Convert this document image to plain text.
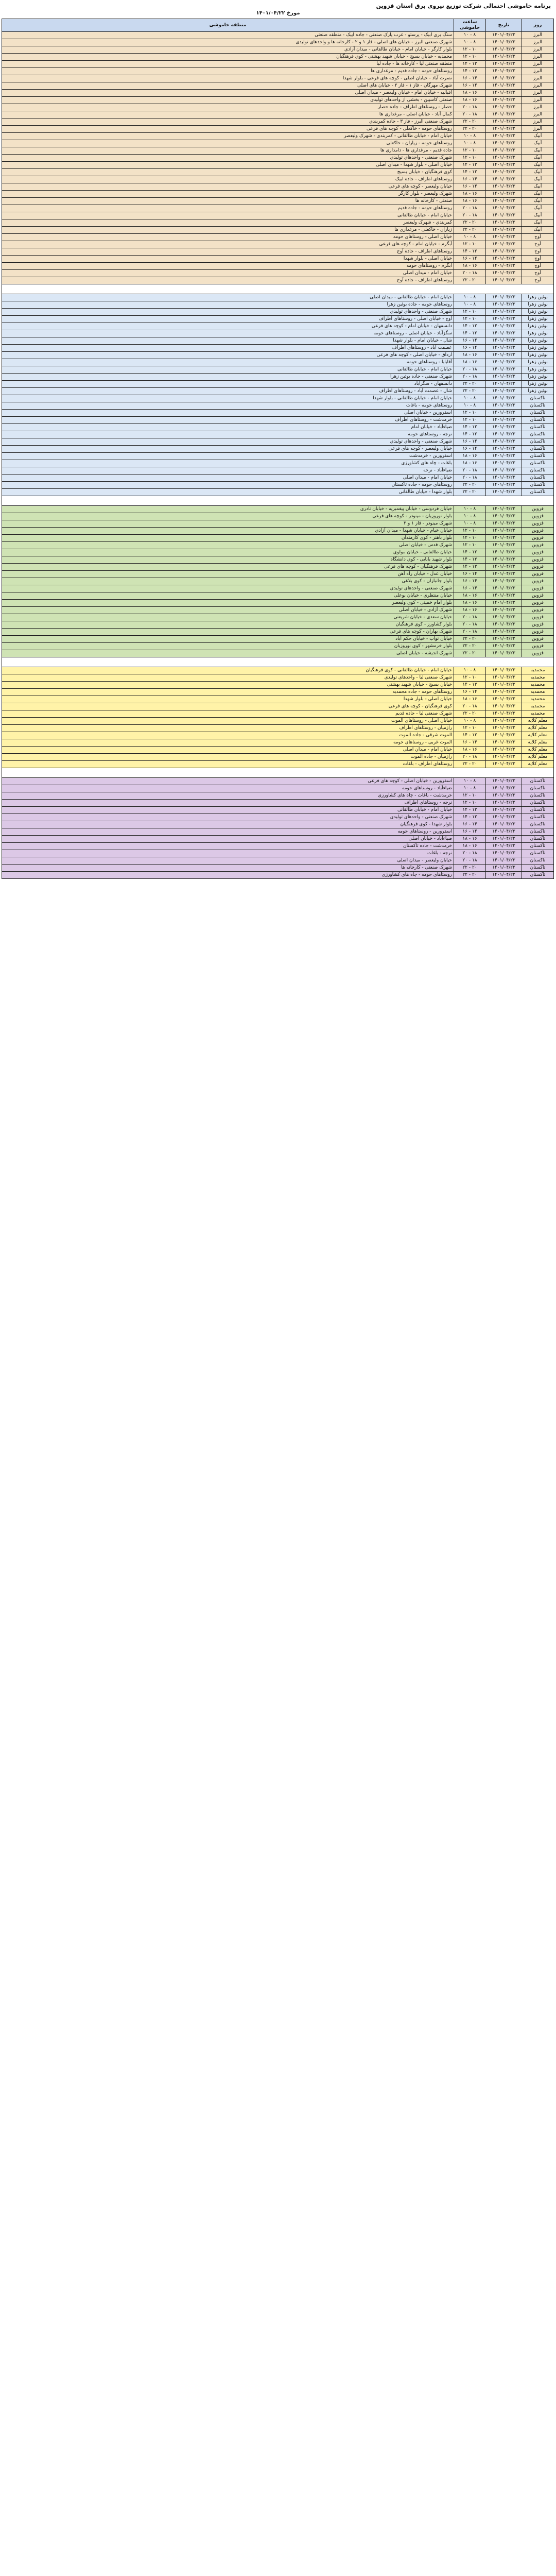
برنامه خاموشی احتمالی شرکت توزیع نیروی برق استان قزوین
مورخ ۱۴۰۱/۰۴/۲۲
روز	تاریخ	ساعت خاموشی	منطقه خاموشی
البرز	۱۴۰۱/۰۴/۲۲	۸ - ۱۰	سنگ بری ابیک - پرستو - غرب پارک صنعتی - جاده ابیک - منطقه صنعتی
البرز	۱۴۰۱/۰۴/۲۲	۸ - ۱۰	شهرک صنعتی البرز - خیابان های اصلی - فاز ۱ و ۲ - کارخانه ها و واحدهای تولیدی
البرز	۱۴۰۱/۰۴/۲۲	۱۰ - ۱۲	بلوار کارگر - خیابان امام - خیابان طالقانی - میدان آزادی
البرز	۱۴۰۱/۰۴/۲۲	۱۰ - ۱۲	محمدیه - خیابان بسیج - خیابان شهید بهشتی - کوی فرهنگیان
البرز	۱۴۰۱/۰۴/۲۲	۱۲ - ۱۴	منطقه صنعتی لیا - کارخانه ها - جاده لیا
البرز	۱۴۰۱/۰۴/۲۲	۱۲ - ۱۴	روستاهای حومه - جاده قدیم - مرغداری ها
البرز	۱۴۰۱/۰۴/۲۲	۱۴ - ۱۶	نصرت آباد - خیابان اصلی - کوچه های فرعی - بلوار شهدا
البرز	۱۴۰۱/۰۴/۲۲	۱۴ - ۱۶	شهرک مهرگان - فاز ۱ - فاز ۲ - خیابان های اصلی
البرز	۱۴۰۱/۰۴/۲۲	۱۶ - ۱۸	اقبالیه - خیابان امام - خیابان ولیعصر - میدان اصلی
البرز	۱۴۰۱/۰۴/۲۲	۱۶ - ۱۸	صنعتی کاسپین - بخشی از واحدهای تولیدی
البرز	۱۴۰۱/۰۴/۲۲	۱۸ - ۲۰	حصار - روستاهای اطراف - جاده حصار
البرز	۱۴۰۱/۰۴/۲۲	۱۸ - ۲۰	کمال آباد - خیابان اصلی - مرغداری ها
البرز	۱۴۰۱/۰۴/۲۲	۲۰ - ۲۲	شهرک صنعتی البرز - فاز ۳ - جاده کمربندی
البرز	۱۴۰۱/۰۴/۲۲	۲۰ - ۲۲	روستاهای حومه - خاکعلی - کوچه های فرعی
آبیک	۱۴۰۱/۰۴/۲۲	۸ - ۱۰	خیابان امام - خیابان طالقانی - کمربندی - شهرک ولیعصر
آبیک	۱۴۰۱/۰۴/۲۲	۸ - ۱۰	روستاهای حومه - زیاران - خاکعلی
آبیک	۱۴۰۱/۰۴/۲۲	۱۰ - ۱۲	جاده قدیم - مرغداری ها - دامداری ها
آبیک	۱۴۰۱/۰۴/۲۲	۱۰ - ۱۲	شهرک صنعتی - واحدهای تولیدی
آبیک	۱۴۰۱/۰۴/۲۲	۱۲ - ۱۴	خیابان اصلی - بلوار شهدا - میدان اصلی
آبیک	۱۴۰۱/۰۴/۲۲	۱۲ - ۱۴	کوی فرهنگیان - خیابان بسیج
آبیک	۱۴۰۱/۰۴/۲۲	۱۴ - ۱۶	روستاهای اطراف - جاده ابیک
آبیک	۱۴۰۱/۰۴/۲۲	۱۴ - ۱۶	خیابان ولیعصر - کوچه های فرعی
آبیک	۱۴۰۱/۰۴/۲۲	۱۶ - ۱۸	شهرک ولیعصر - بلوار کارگر
آبیک	۱۴۰۱/۰۴/۲۲	۱۶ - ۱۸	صنعتی - کارخانه ها
آبیک	۱۴۰۱/۰۴/۲۲	۱۸ - ۲۰	روستاهای حومه - جاده قدیم
آبیک	۱۴۰۱/۰۴/۲۲	۱۸ - ۲۰	خیابان امام - خیابان طالقانی
آبیک	۱۴۰۱/۰۴/۲۲	۲۰ - ۲۲	کمربندی - شهرک ولیعصر
آبیک	۱۴۰۱/۰۴/۲۲	۲۰ - ۲۲	زیاران - خاکعلی - مرغداری ها
آوج	۱۴۰۱/۰۴/۲۲	۸ - ۱۰	خیابان اصلی - روستاهای حومه
آوج	۱۴۰۱/۰۴/۲۲	۱۰ - ۱۲	آبگرم - خیابان امام - کوچه های فرعی
آوج	۱۴۰۱/۰۴/۲۲	۱۲ - ۱۴	روستاهای اطراف - جاده آوج
آوج	۱۴۰۱/۰۴/۲۲	۱۴ - ۱۶	خیابان اصلی - بلوار شهدا
آوج	۱۴۰۱/۰۴/۲۲	۱۶ - ۱۸	آبگرم - روستاهای حومه
آوج	۱۴۰۱/۰۴/۲۲	۱۸ - ۲۰	خیابان امام - میدان اصلی
آوج	۱۴۰۱/۰۴/۲۲	۲۰ - ۲۲	روستاهای اطراف - جاده آوج

بوئین زهرا	۱۴۰۱/۰۴/۲۲	۸ - ۱۰	خیابان امام - خیابان طالقانی - میدان اصلی
بوئین زهرا	۱۴۰۱/۰۴/۲۲	۸ - ۱۰	روستاهای حومه - جاده بوئین زهرا
بوئین زهرا	۱۴۰۱/۰۴/۲۲	۱۰ - ۱۲	شهرک صنعتی - واحدهای تولیدی
بوئین زهرا	۱۴۰۱/۰۴/۲۲	۱۰ - ۱۲	آوج - خیابان اصلی - روستاهای اطراف
بوئین زهرا	۱۴۰۱/۰۴/۲۲	۱۲ - ۱۴	دانسفهان - خیابان امام - کوچه های فرعی
بوئین زهرا	۱۴۰۱/۰۴/۲۲	۱۲ - ۱۴	سگزآباد - خیابان اصلی - روستاهای حومه
بوئین زهرا	۱۴۰۱/۰۴/۲۲	۱۴ - ۱۶	شال - خیابان امام - بلوار شهدا
بوئین زهرا	۱۴۰۱/۰۴/۲۲	۱۴ - ۱۶	عصمت آباد - روستاهای اطراف
بوئین زهرا	۱۴۰۱/۰۴/۲۲	۱۶ - ۱۸	ارداق - خیابان اصلی - کوچه های فرعی
بوئین زهرا	۱۴۰۱/۰۴/۲۲	۱۶ - ۱۸	آقابابا - روستاهای حومه
بوئین زهرا	۱۴۰۱/۰۴/۲۲	۱۸ - ۲۰	خیابان امام - خیابان طالقانی
بوئین زهرا	۱۴۰۱/۰۴/۲۲	۱۸ - ۲۰	شهرک صنعتی - جاده بوئین زهرا
بوئین زهرا	۱۴۰۱/۰۴/۲۲	۲۰ - ۲۲	دانسفهان - سگزآباد
بوئین زهرا	۱۴۰۱/۰۴/۲۲	۲۰ - ۲۲	شال - عصمت آباد - روستاهای اطراف
تاکستان	۱۴۰۱/۰۴/۲۲	۸ - ۱۰	خیابان امام - خیابان طالقانی - بلوار شهدا
تاکستان	۱۴۰۱/۰۴/۲۲	۸ - ۱۰	روستاهای حومه - باغات
تاکستان	۱۴۰۱/۰۴/۲۲	۱۰ - ۱۲	اسفرورین - خیابان اصلی
تاکستان	۱۴۰۱/۰۴/۲۲	۱۰ - ۱۲	خرمدشت - روستاهای اطراف
تاکستان	۱۴۰۱/۰۴/۲۲	۱۲ - ۱۴	ضیاءآباد - خیابان امام
تاکستان	۱۴۰۱/۰۴/۲۲	۱۲ - ۱۴	نرجه - روستاهای حومه
تاکستان	۱۴۰۱/۰۴/۲۲	۱۴ - ۱۶	شهرک صنعتی - واحدهای تولیدی
تاکستان	۱۴۰۱/۰۴/۲۲	۱۴ - ۱۶	خیابان ولیعصر - کوچه های فرعی
تاکستان	۱۴۰۱/۰۴/۲۲	۱۶ - ۱۸	اسفرورین - خرمدشت
تاکستان	۱۴۰۱/۰۴/۲۲	۱۶ - ۱۸	باغات - چاه های کشاورزی
تاکستان	۱۴۰۱/۰۴/۲۲	۱۸ - ۲۰	ضیاءآباد - نرجه
تاکستان	۱۴۰۱/۰۴/۲۲	۱۸ - ۲۰	خیابان امام - میدان اصلی
تاکستان	۱۴۰۱/۰۴/۲۲	۲۰ - ۲۲	روستاهای حومه - جاده تاکستان
تاکستان	۱۴۰۱/۰۴/۲۲	۲۰ - ۲۲	بلوار شهدا - خیابان طالقانی

قزوین	۱۴۰۱/۰۴/۲۲	۸ - ۱۰	خیابان فردوسی - خیابان پیغمبریه - خیابان نادری
قزوین	۱۴۰۱/۰۴/۲۲	۸ - ۱۰	بلوار نوروزیان - مینودر - کوچه های فرعی
قزوین	۱۴۰۱/۰۴/۲۲	۸ - ۱۰	شهرک مینودر - فاز ۱ و ۲
قزوین	۱۴۰۱/۰۴/۲۲	۱۰ - ۱۲	خیابان خیام - خیابان شهدا - میدان آزادی
قزوین	۱۴۰۱/۰۴/۲۲	۱۰ - ۱۲	بلوار باهنر - کوی کارمندان
قزوین	۱۴۰۱/۰۴/۲۲	۱۰ - ۱۲	شهرک قدس - خیابان اصلی
قزوین	۱۴۰۱/۰۴/۲۲	۱۲ - ۱۴	خیابان طالقانی - خیابان مولوی
قزوین	۱۴۰۱/۰۴/۲۲	۱۲ - ۱۴	بلوار شهید بابایی - کوی دانشگاه
قزوین	۱۴۰۱/۰۴/۲۲	۱۲ - ۱۴	شهرک فرهنگیان - کوچه های فرعی
قزوین	۱۴۰۱/۰۴/۲۲	۱۴ - ۱۶	خیابان عدل - خیابان راه آهن
قزوین	۱۴۰۱/۰۴/۲۲	۱۴ - ۱۶	بلوار جانبازان - کوی بلاغی
قزوین	۱۴۰۱/۰۴/۲۲	۱۴ - ۱۶	شهرک صنعتی - واحدهای تولیدی
قزوین	۱۴۰۱/۰۴/۲۲	۱۶ - ۱۸	خیابان منتظری - خیابان بوعلی
قزوین	۱۴۰۱/۰۴/۲۲	۱۶ - ۱۸	بلوار امام خمینی - کوی ولیعصر
قزوین	۱۴۰۱/۰۴/۲۲	۱۶ - ۱۸	شهرک آزادی - خیابان اصلی
قزوین	۱۴۰۱/۰۴/۲۲	۱۸ - ۲۰	خیابان سعدی - خیابان شریعتی
قزوین	۱۴۰۱/۰۴/۲۲	۱۸ - ۲۰	بلوار کشاورز - کوی فرهنگیان
قزوین	۱۴۰۱/۰۴/۲۲	۱۸ - ۲۰	شهرک بهاران - کوچه های فرعی
قزوین	۱۴۰۱/۰۴/۲۲	۲۰ - ۲۲	خیابان نواب - خیابان حکم آباد
قزوین	۱۴۰۱/۰۴/۲۲	۲۰ - ۲۲	بلوار خرمشهر - کوی نوروزیان
قزوین	۱۴۰۱/۰۴/۲۲	۲۰ - ۲۲	شهرک اندیشه - خیابان اصلی

محمدیه	۱۴۰۱/۰۴/۲۲	۸ - ۱۰	خیابان امام - خیابان طالقانی - کوی فرهنگیان
محمدیه	۱۴۰۱/۰۴/۲۲	۱۰ - ۱۲	شهرک صنعتی لیا - واحدهای تولیدی
محمدیه	۱۴۰۱/۰۴/۲۲	۱۲ - ۱۴	خیابان بسیج - خیابان شهید بهشتی
محمدیه	۱۴۰۱/۰۴/۲۲	۱۴ - ۱۶	روستاهای حومه - جاده محمدیه
محمدیه	۱۴۰۱/۰۴/۲۲	۱۶ - ۱۸	خیابان اصلی - بلوار شهدا
محمدیه	۱۴۰۱/۰۴/۲۲	۱۸ - ۲۰	کوی فرهنگیان - کوچه های فرعی
محمدیه	۱۴۰۱/۰۴/۲۲	۲۰ - ۲۲	شهرک صنعتی لیا - جاده قدیم
معلم کلایه	۱۴۰۱/۰۴/۲۲	۸ - ۱۰	خیابان اصلی - روستاهای الموت
معلم کلایه	۱۴۰۱/۰۴/۲۲	۱۰ - ۱۲	رازمیان - روستاهای اطراف
معلم کلایه	۱۴۰۱/۰۴/۲۲	۱۲ - ۱۴	الموت شرقی - جاده الموت
معلم کلایه	۱۴۰۱/۰۴/۲۲	۱۴ - ۱۶	الموت غربی - روستاهای حومه
معلم کلایه	۱۴۰۱/۰۴/۲۲	۱۶ - ۱۸	خیابان امام - میدان اصلی
معلم کلایه	۱۴۰۱/۰۴/۲۲	۱۸ - ۲۰	رازمیان - جاده الموت
معلم کلایه	۱۴۰۱/۰۴/۲۲	۲۰ - ۲۲	روستاهای اطراف - باغات

تاکستان	۱۴۰۱/۰۴/۲۲	۸ - ۱۰	اسفرورین - خیابان اصلی - کوچه های فرعی
تاکستان	۱۴۰۱/۰۴/۲۲	۸ - ۱۰	ضیاءآباد - روستاهای حومه
تاکستان	۱۴۰۱/۰۴/۲۲	۱۰ - ۱۲	خرمدشت - باغات - چاه های کشاورزی
تاکستان	۱۴۰۱/۰۴/۲۲	۱۰ - ۱۲	نرجه - روستاهای اطراف
تاکستان	۱۴۰۱/۰۴/۲۲	۱۲ - ۱۴	خیابان امام - خیابان طالقانی
تاکستان	۱۴۰۱/۰۴/۲۲	۱۲ - ۱۴	شهرک صنعتی - واحدهای تولیدی
تاکستان	۱۴۰۱/۰۴/۲۲	۱۴ - ۱۶	بلوار شهدا - کوی فرهنگیان
تاکستان	۱۴۰۱/۰۴/۲۲	۱۴ - ۱۶	اسفرورین - روستاهای حومه
تاکستان	۱۴۰۱/۰۴/۲۲	۱۶ - ۱۸	ضیاءآباد - خیابان اصلی
تاکستان	۱۴۰۱/۰۴/۲۲	۱۶ - ۱۸	خرمدشت - جاده تاکستان
تاکستان	۱۴۰۱/۰۴/۲۲	۱۸ - ۲۰	نرجه - باغات
تاکستان	۱۴۰۱/۰۴/۲۲	۱۸ - ۲۰	خیابان ولیعصر - میدان اصلی
تاکستان	۱۴۰۱/۰۴/۲۲	۲۰ - ۲۲	شهرک صنعتی - کارخانه ها
تاکستان	۱۴۰۱/۰۴/۲۲	۲۰ - ۲۲	روستاهای حومه - چاه های کشاورزی
